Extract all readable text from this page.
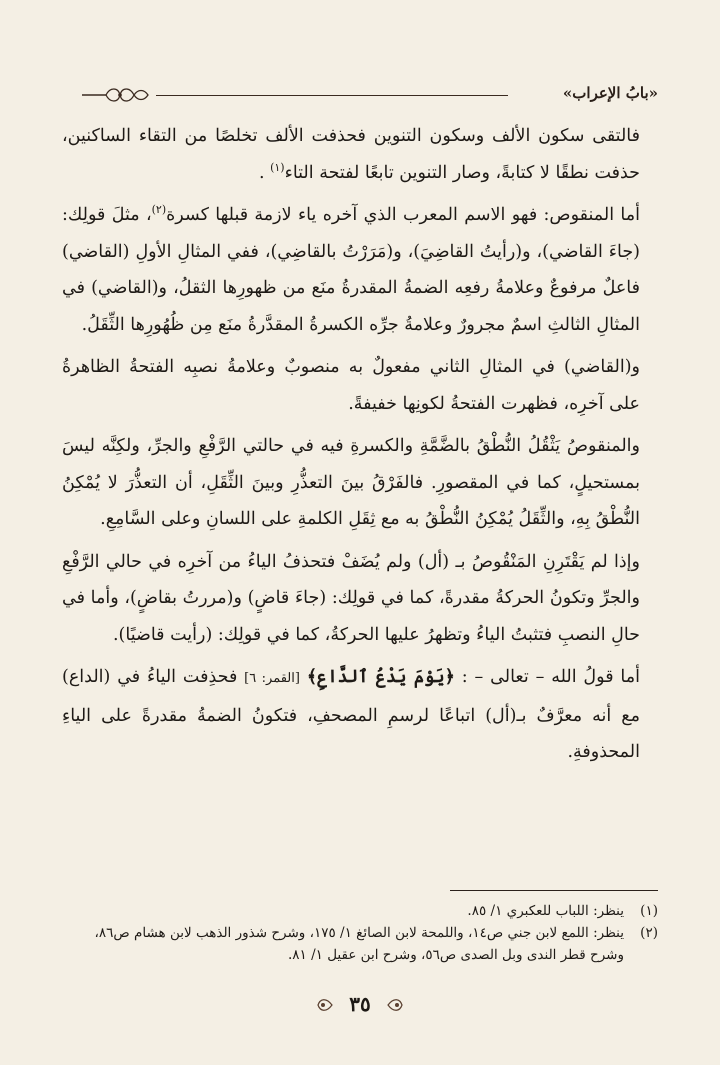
«بابُ الإعراب»

فالتقى سكون الألف وسكون التنوين فحذفت الألف تخلصًا من التقاء الساكنين، حذفت نطقًا لا كتابةً، وصار التنوين تابعًا لفتحة التاء$^{(١)}$ .

أما المنقوص: فهو الاسم المعرب الذي آخره ياء لازمة قبلها كسرة$^{(٢)}$، مثلَ قولِك: (جاءَ القاضي)، و(رأيتُ القاضِيَ)، و(مَرَرْتُ بالقاضِي)، ففي المثالِ الأولِ (القاضي) فاعلٌ مرفوعٌ وعلامةُ رفعِه الضمةُ المقدرةُ منَع من ظهورِها الثقلُ، و(القاضي) في المثالِ الثالثِ اسمٌ مجرورٌ وعلامةُ جرِّه الكسرةُ المقدَّرةُ منَع مِن ظُهُورِها الثِّقَلُ.

و(القاضي) في المثالِ الثاني مفعولٌ به منصوبٌ وعلامةُ نصبِه الفتحةُ الظاهرةُ على آخرِه، فظهرت الفتحةُ لكونِها خفيفةً.

والمنقوصُ يَثْقُلُ النُّطْقُ بالضَّمَّةِ والكسرةِ فيه في حالتي الرَّفْعِ والجرِّ، ولكِنَّه ليسَ بمستحيلٍ، كما في المقصورِ. فالفَرْقُ بينَ التعذُّرِ وبينَ الثِّقَلِ، أن التعذُّرَ لا يُمْكِنُ النُّطْقُ بِهِ، والثِّقَلُ يُمْكِنُ النُّطْقُ به مع ثِقَلِ الكلمةِ على اللسانِ وعلى السَّامِعِ.

وإذا لم يَقْتَرِنِ المَنْقُوصُ بـ (أل) ولم يُضَفْ فتحذفُ الياءُ من آخرِه في حالي الرَّفْعِ والجرِّ وتكونُ الحركةُ مقدرةً، كما في قولِك: (جاءَ قاضٍ) و(مررتُ بقاضٍ)، وأما في حالِ النصبِ فتثبتُ الياءُ وتظهرُ عليها الحركةُ، كما في قولِك: (رأيت قاضيًا).

أما قولُ الله – تعالى – : ﴿يَوْمَ يَدْعُ ٱلدَّاعِ﴾ [القمر: ٦] فحذِفت الياءُ في (الداع) مع أنه معرَّفٌ بـ(أل) اتباعًا لرسمِ المصحفِ، فتكونُ الضمةُ مقدرةً على الياءِ المحذوفةِ.

(١)
ينظر: اللباب للعكبري ١/ ٨٥.
(٢)
ينظر: اللمع لابن جني ص١٤، واللمحة لابن الصائغ ١/ ١٧٥، وشرح شذور الذهب لابن هشام ص٨٦، وشرح قطر الندى وبل الصدى ص٥٦، وشرح ابن عقيل ١/ ٨١.
٣٥
